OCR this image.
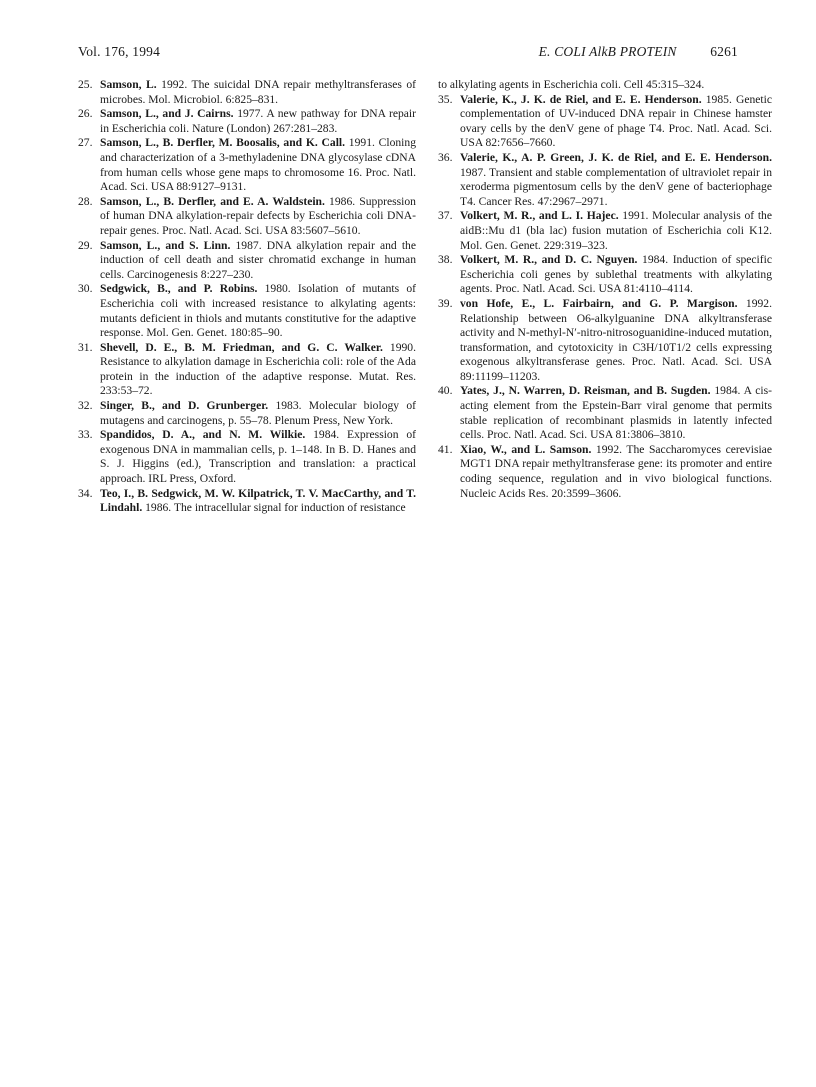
Vol. 176, 1994	E. COLI AlkB PROTEIN 6261

25. Samson, L. 1992. The suicidal DNA repair methyltransferases of microbes. Mol. Microbiol. 6:825–831.

26. Samson, L., and J. Cairns. 1977. A new pathway for DNA repair in Escherichia coli. Nature (London) 267:281–283.

27. Samson, L., B. Derfler, M. Boosalis, and K. Call. 1991. Cloning and characterization of a 3-methyladenine DNA glycosylase cDNA from human cells whose gene maps to chromosome 16. Proc. Natl. Acad. Sci. USA 88:9127–9131.

28. Samson, L., B. Derfler, and E. A. Waldstein. 1986. Suppression of human DNA alkylation-repair defects by Escherichia coli DNA-repair genes. Proc. Natl. Acad. Sci. USA 83:5607–5610.

29. Samson, L., and S. Linn. 1987. DNA alkylation repair and the induction of cell death and sister chromatid exchange in human cells. Carcinogenesis 8:227–230.

30. Sedgwick, B., and P. Robins. 1980. Isolation of mutants of Escherichia coli with increased resistance to alkylating agents: mutants deficient in thiols and mutants constitutive for the adaptive response. Mol. Gen. Genet. 180:85–90.

31. Shevell, D. E., B. M. Friedman, and G. C. Walker. 1990. Resistance to alkylation damage in Escherichia coli: role of the Ada protein in the induction of the adaptive response. Mutat. Res. 233:53–72.

32. Singer, B., and D. Grunberger. 1983. Molecular biology of mutagens and carcinogens, p. 55–78. Plenum Press, New York.

33. Spandidos, D. A., and N. M. Wilkie. 1984. Expression of exogenous DNA in mammalian cells, p. 1–148. In B. D. Hanes and S. J. Higgins (ed.), Transcription and translation: a practical approach. IRL Press, Oxford.

34. Teo, I., B. Sedgwick, M. W. Kilpatrick, T. V. MacCarthy, and T. Lindahl. 1986. The intracellular signal for induction of resistance

to alkylating agents in Escherichia coli. Cell 45:315–324.

35. Valerie, K., J. K. de Riel, and E. E. Henderson. 1985. Genetic complementation of UV-induced DNA repair in Chinese hamster ovary cells by the denV gene of phage T4. Proc. Natl. Acad. Sci. USA 82:7656–7660.

36. Valerie, K., A. P. Green, J. K. de Riel, and E. E. Henderson. 1987. Transient and stable complementation of ultraviolet repair in xeroderma pigmentosum cells by the denV gene of bacteriophage T4. Cancer Res. 47:2967–2971.

37. Volkert, M. R., and L. I. Hajec. 1991. Molecular analysis of the aidB::Mu d1 (bla lac) fusion mutation of Escherichia coli K12. Mol. Gen. Genet. 229:319–323.

38. Volkert, M. R., and D. C. Nguyen. 1984. Induction of specific Escherichia coli genes by sublethal treatments with alkylating agents. Proc. Natl. Acad. Sci. USA 81:4110–4114.

39. von Hofe, E., L. Fairbairn, and G. P. Margison. 1992. Relationship between O6-alkylguanine DNA alkyltransferase activity and N-methyl-N′-nitro-nitrosoguanidine-induced mutation, transformation, and cytotoxicity in C3H/10T1/2 cells expressing exogenous alkyltransferase genes. Proc. Natl. Acad. Sci. USA 89:11199–11203.

40. Yates, J., N. Warren, D. Reisman, and B. Sugden. 1984. A cis-acting element from the Epstein-Barr viral genome that permits stable replication of recombinant plasmids in latently infected cells. Proc. Natl. Acad. Sci. USA 81:3806–3810.

41. Xiao, W., and L. Samson. 1992. The Saccharomyces cerevisiae MGT1 DNA repair methyltransferase gene: its promoter and entire coding sequence, regulation and in vivo biological functions. Nucleic Acids Res. 20:3599–3606.
